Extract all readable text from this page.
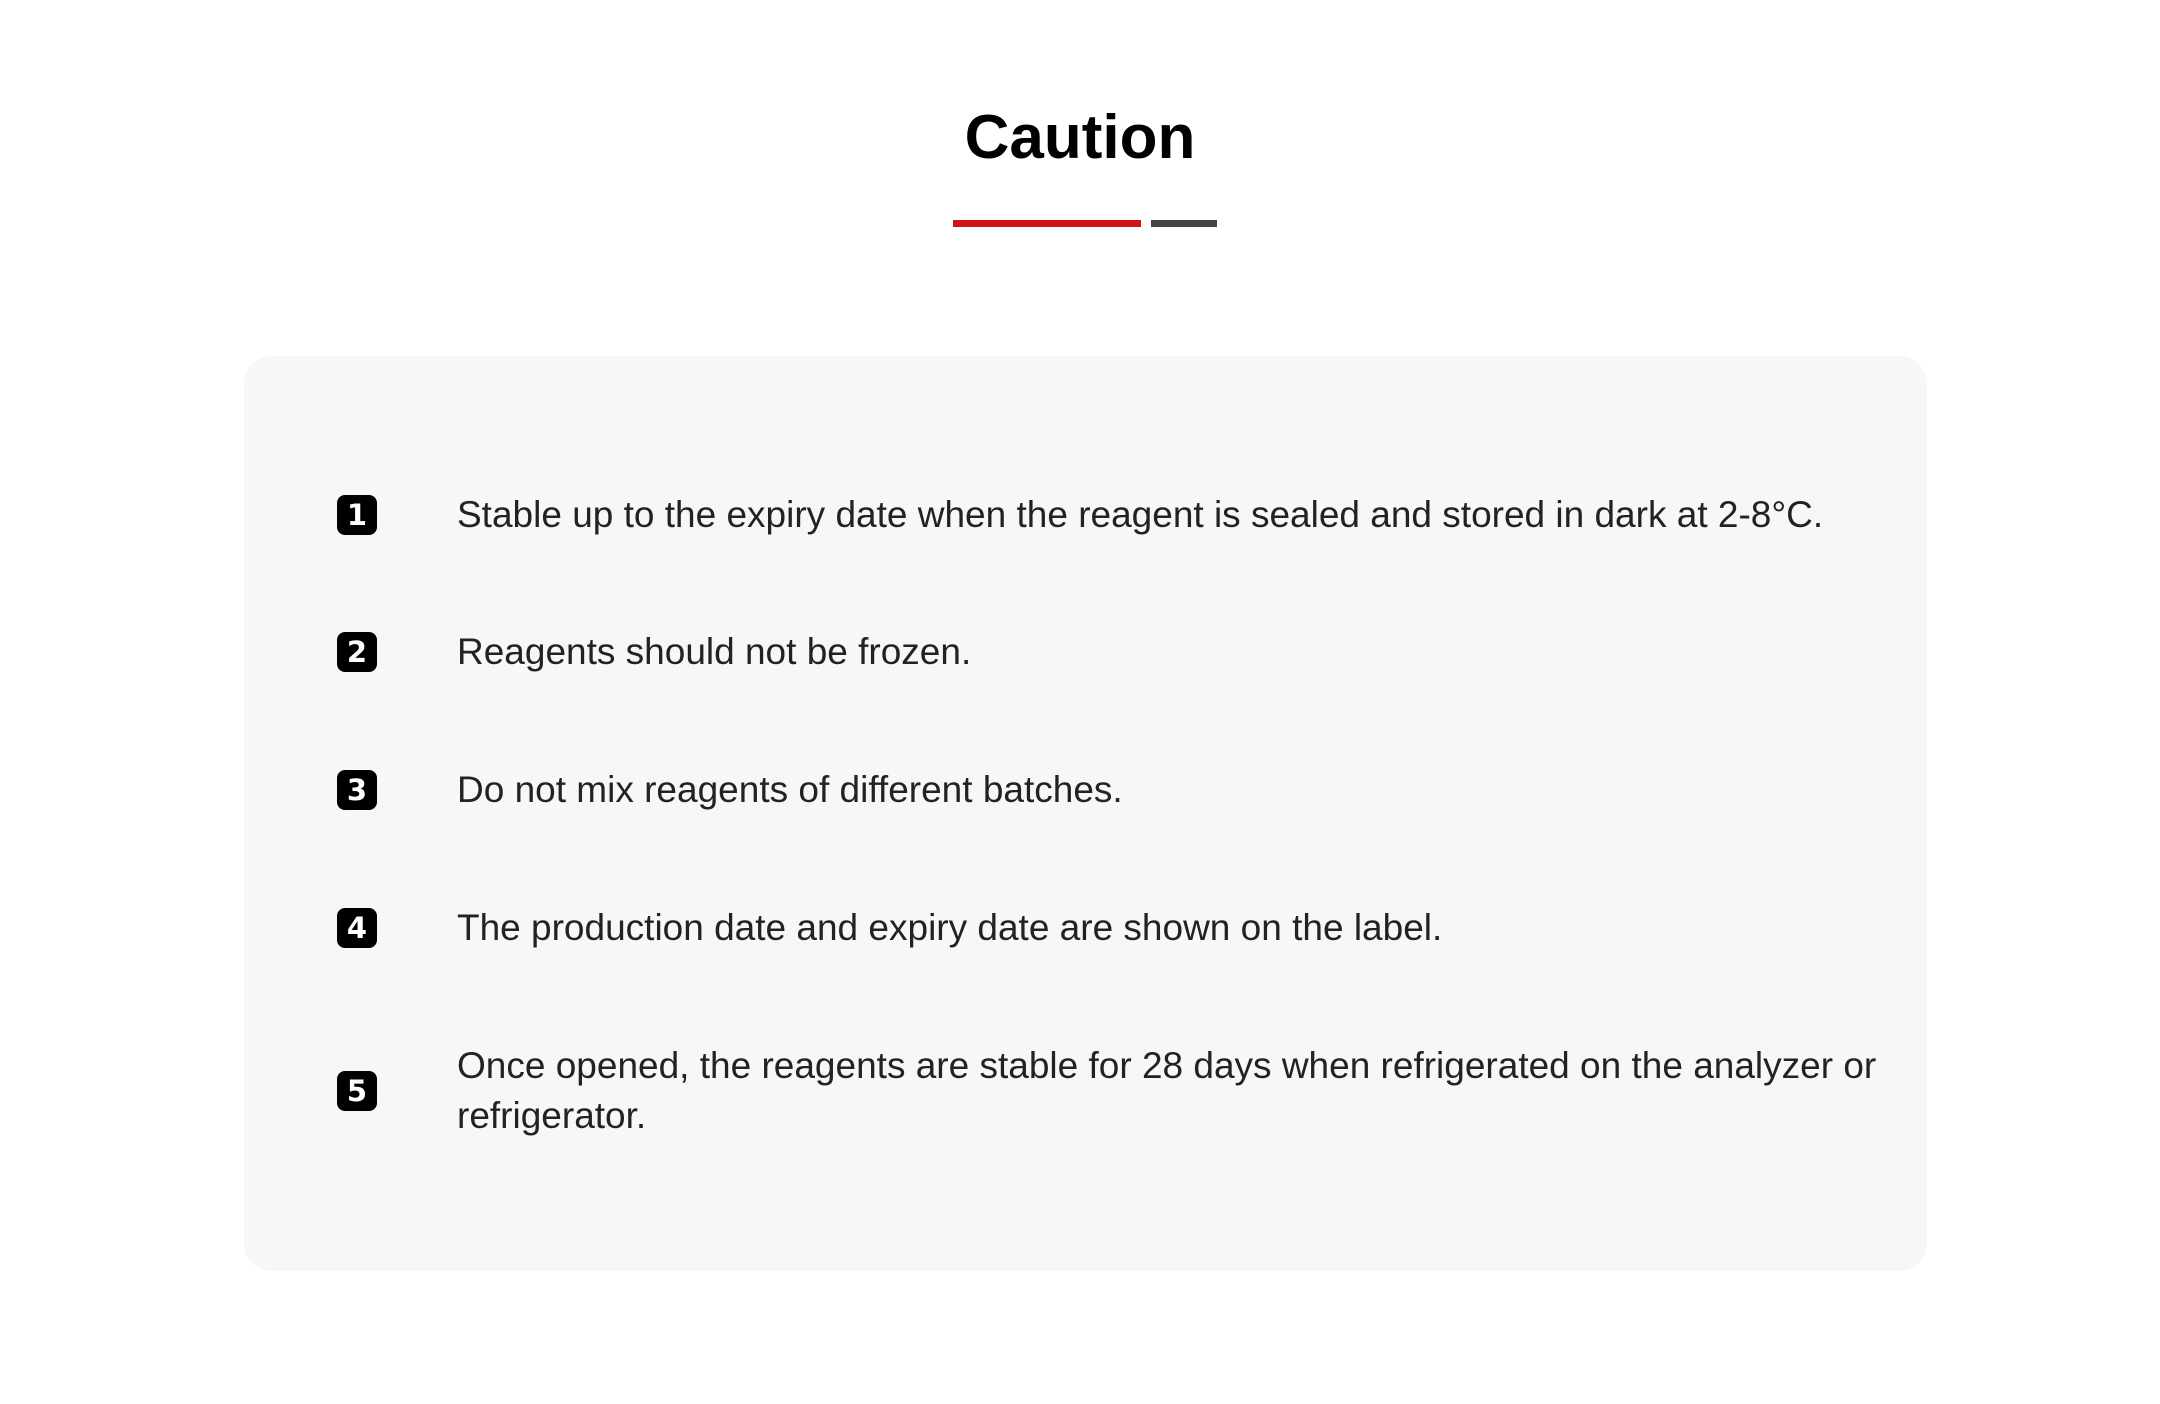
Caution
1 Stable up to the expiry date when the reagent is sealed and stored in dark at 2-8°C.
2 Reagents should not be frozen.
3 Do not mix reagents of different batches.
4 The production date and expiry date are shown on the label.
5
Once opened, the reagents are stable for 28 days when refrigerated on the analyzer or refrigerator.
